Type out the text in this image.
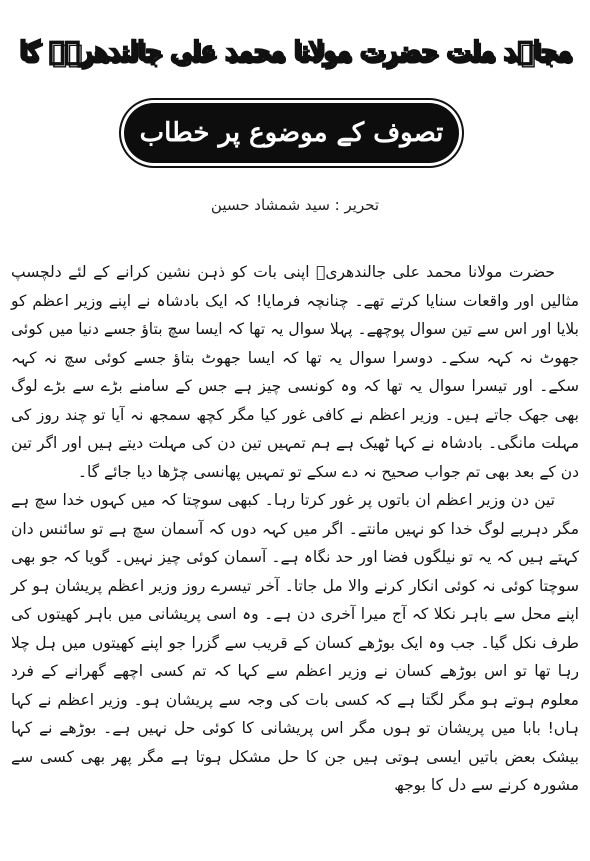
مجاہد ملت حضرت مولانا محمد علی جالندھریؒ کا
تصوف کے موضوع پر خطاب
تحریر : سید شمشاد حسین

حضرت مولانا محمد علی جالندھریؒ اپنی بات کو ذہن نشین کرانے کے لئے دلچسپ مثالیں اور واقعات سنایا کرتے تھے۔ چنانچہ فرمایا! کہ ایک بادشاہ نے اپنے وزیر اعظم کو بلایا اور اس سے تین سوال پوچھے۔ پہلا سوال یہ تھا کہ ایسا سچ بتاؤ جسے دنیا میں کوئی جھوٹ نہ کہہ سکے۔ دوسرا سوال یہ تھا کہ ایسا جھوٹ بتاؤ جسے کوئی سچ نہ کہہ سکے۔ اور تیسرا سوال یہ تھا کہ وہ کونسی چیز ہے جس کے سامنے بڑے سے بڑے لوگ بھی جھک جاتے ہیں۔ وزیر اعظم نے کافی غور کیا مگر کچھ سمجھ نہ آیا تو چند روز کی مہلت مانگی۔ بادشاہ نے کہا ٹھیک ہے ہم تمہیں تین دن کی مہلت دیتے ہیں اور اگر تین دن کے بعد بھی تم جواب صحیح نہ دے سکے تو تمہیں پھانسی چڑھا دیا جائے گا۔

تین دن وزیر اعظم ان باتوں پر غور کرتا رہا۔ کبھی سوچتا کہ میں کہوں خدا سچ ہے مگر دہریے لوگ خدا کو نہیں مانتے۔ اگر میں کہہ دوں کہ آسمان سچ ہے تو سائنس دان کہتے ہیں کہ یہ تو نیلگوں فضا اور حد نگاہ ہے۔ آسمان کوئی چیز نہیں۔ گویا کہ جو بھی سوچتا کوئی نہ کوئی انکار کرنے والا مل جاتا۔ آخر تیسرے روز وزیر اعظم پریشان ہو کر اپنے محل سے باہر نکلا کہ آج میرا آخری دن ہے۔ وہ اسی پریشانی میں باہر کھیتوں کی طرف نکل گیا۔ جب وہ ایک بوڑھے کسان کے قریب سے گزرا جو اپنے کھیتوں میں ہل چلا رہا تھا تو اس بوڑھے کسان نے وزیر اعظم سے کہا کہ تم کسی اچھے گھرانے کے فرد معلوم ہوتے ہو مگر لگتا ہے کہ کسی بات کی وجہ سے پریشان ہو۔ وزیر اعظم نے کہا ہاں! بابا میں پریشان تو ہوں مگر اس پریشانی کا کوئی حل نہیں ہے۔ بوڑھے نے کہا بیشک بعض باتیں ایسی ہوتی ہیں جن کا حل مشکل ہوتا ہے مگر پھر بھی کسی سے مشورہ کرنے سے دل کا بوجھ
